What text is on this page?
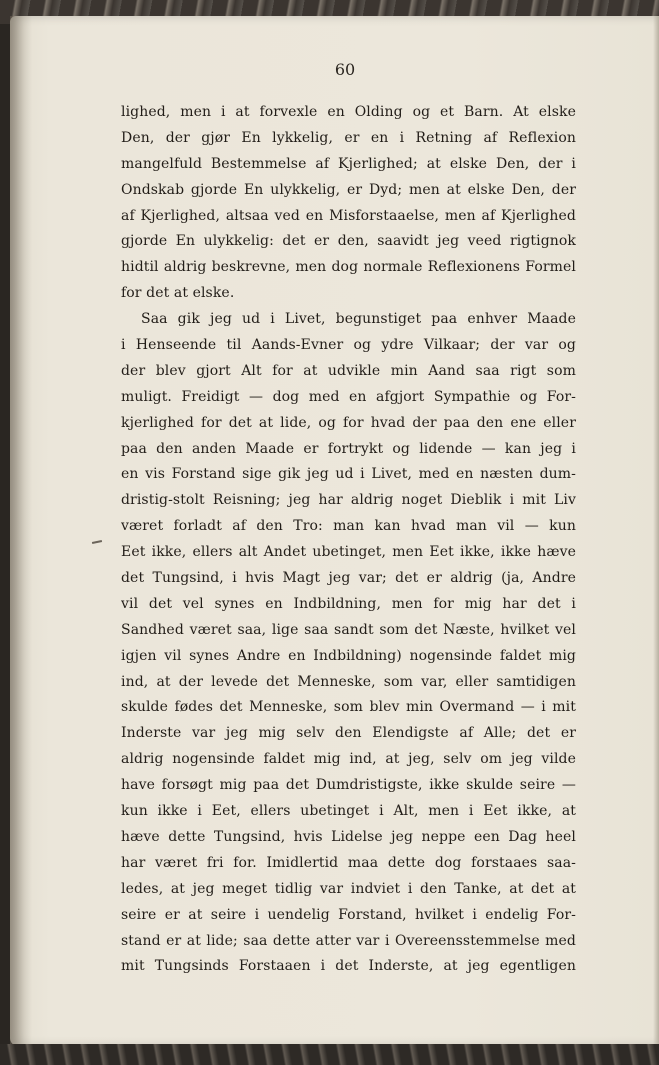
60
lighed, men i at forvexle en Olding og et Barn. At elske
Den, der gjør En lykkelig, er en i Retning af Reflexion
mangelfuld Bestemmelse af Kjerlighed; at elske Den, der i
Ondskab gjorde En ulykkelig, er Dyd; men at elske Den, der
af Kjerlighed, altsaa ved en Misforstaaelse, men af Kjerlighed
gjorde En ulykkelig: det er den, saavidt jeg veed rigtignok
hidtil aldrig beskrevne, men dog normale Reflexionens Formel
for det at elske.
Saa gik jeg ud i Livet, begunstiget paa enhver Maade
i Henseende til Aands-Evner og ydre Vilkaar; der var og
der blev gjort Alt for at udvikle min Aand saa rigt som
muligt. Freidigt — dog med en afgjort Sympathie og For-
kjerlighed for det at lide, og for hvad der paa den ene eller
paa den anden Maade er fortrykt og lidende — kan jeg i
en vis Forstand sige gik jeg ud i Livet, med en næsten dum-
dristig-stolt Reisning; jeg har aldrig noget Dieblik i mit Liv
været forladt af den Tro: man kan hvad man vil — kun
Eet ikke, ellers alt Andet ubetinget, men Eet ikke, ikke hæve
det Tungsind, i hvis Magt jeg var; det er aldrig (ja, Andre
vil det vel synes en Indbildning, men for mig har det i
Sandhed været saa, lige saa sandt som det Næste, hvilket vel
igjen vil synes Andre en Indbildning) nogensinde faldet mig
ind, at der levede det Menneske, som var, eller samtidigen
skulde fødes det Menneske, som blev min Overmand — i mit
Inderste var jeg mig selv den Elendigste af Alle; det er
aldrig nogensinde faldet mig ind, at jeg, selv om jeg vilde
have forsøgt mig paa det Dumdristigste, ikke skulde seire —
kun ikke i Eet, ellers ubetinget i Alt, men i Eet ikke, at
hæve dette Tungsind, hvis Lidelse jeg neppe een Dag heel
har været fri for. Imidlertid maa dette dog forstaaes saa-
ledes, at jeg meget tidlig var indviet i den Tanke, at det at
seire er at seire i uendelig Forstand, hvilket i endelig For-
stand er at lide; saa dette atter var i Overeensstemmelse med
mit Tungsinds Forstaaen i det Inderste, at jeg egentligen
